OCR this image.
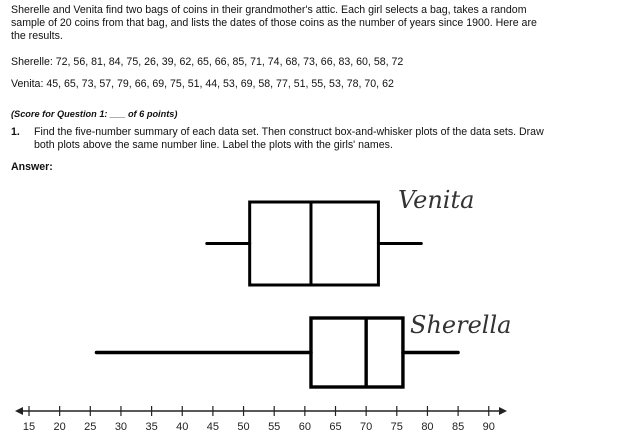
Sherelle and Venita find two bags of coins in their grandmother's attic. Each girl selects a bag, takes a random
sample of 20 coins from that bag, and lists the dates of those coins as the number of years since 1900. Here are
the results.
Sherelle: 72, 56, 81, 84, 75, 26, 39, 62, 65, 66, 85, 71, 74, 68, 73, 66, 83, 60, 58, 72
Venita: 45, 65, 73, 57, 79, 66, 69, 75, 51, 44, 53, 69, 58, 77, 51, 55, 53, 78, 70, 62
(Score for Question 1: ___ of 6 points)
1. Find the five-number summary of each data set. Then construct box-and-whisker plots of the data sets. Draw
both plots above the same number line. Label the plots with the girls' names.
Answer:
15 20 25 30 35 40 45 50 55 60 65 70 75 80 85 90
Venita
Sherella
